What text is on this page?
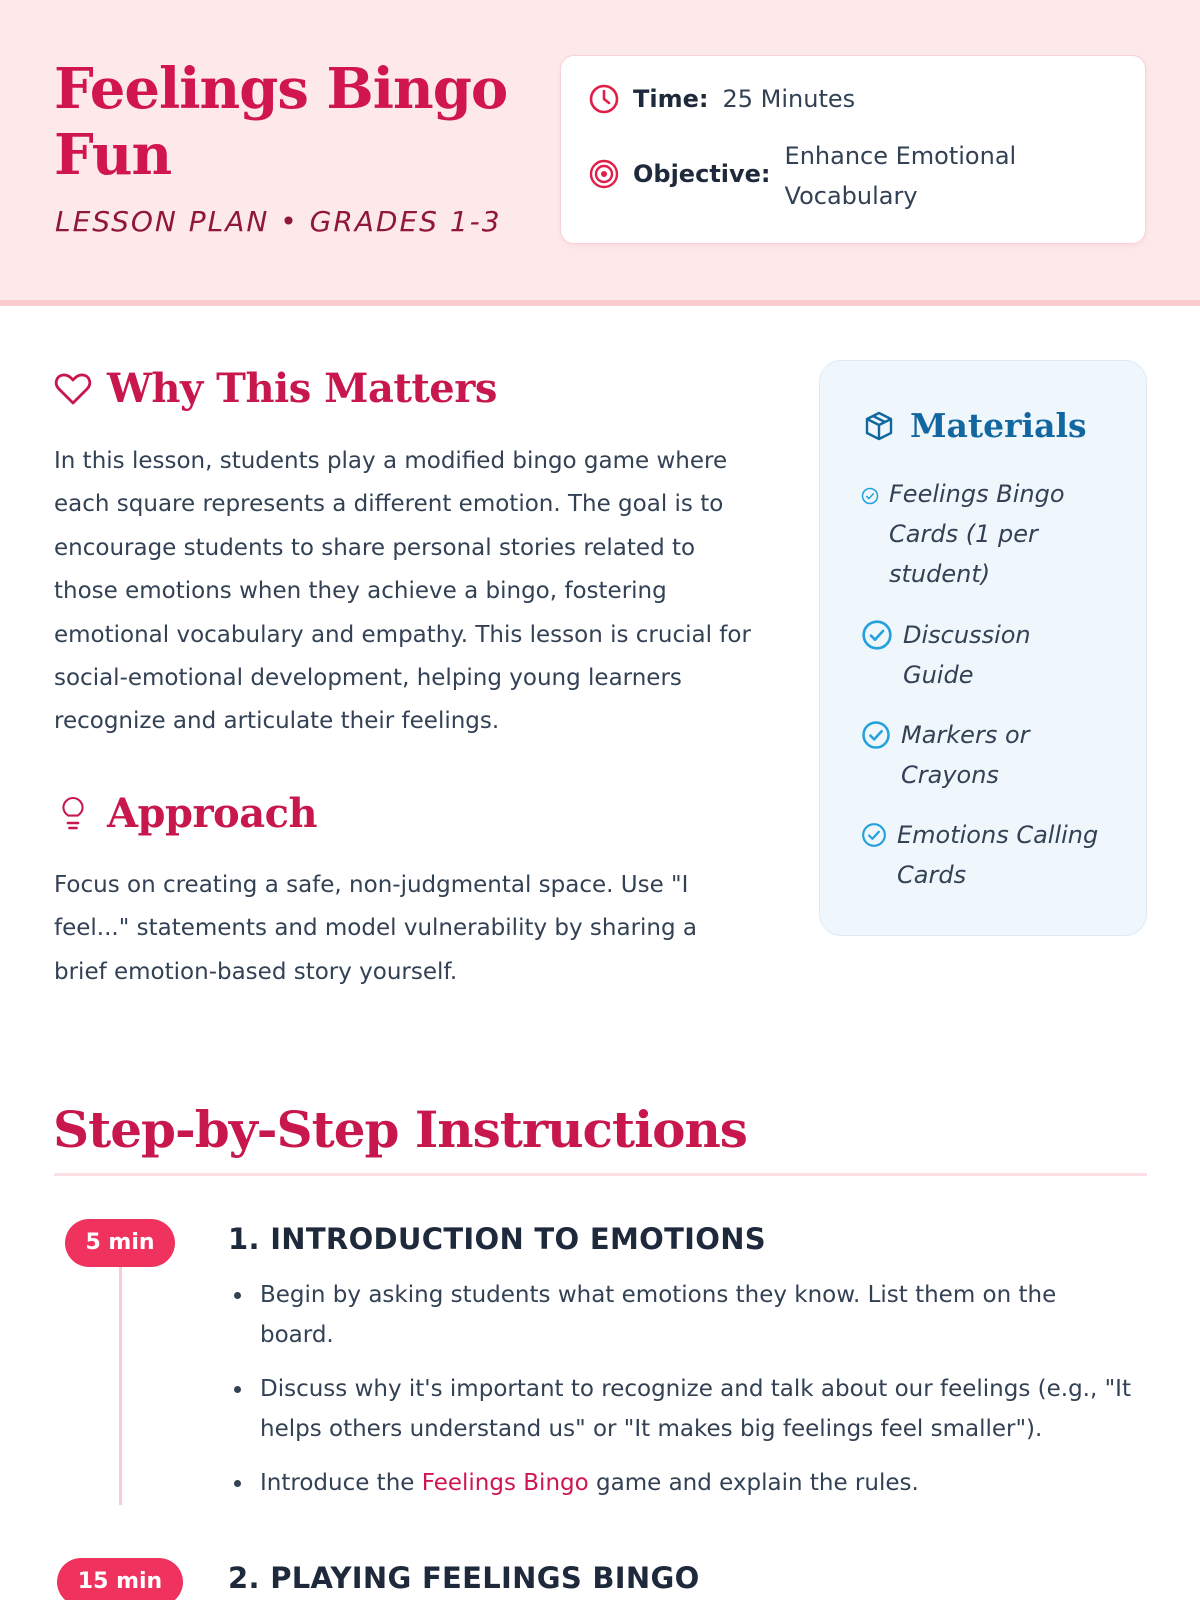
Feelings Bingo Fun
LESSON PLAN • GRADES 1-3
Time: 25 Minutes
Objective:
Enhance Emotional Vocabulary
Why This Matters

In this lesson, students play a modified bingo game where each square represents a different emotion. The goal is to encourage students to share personal stories related to those emotions when they achieve a bingo, fostering emotional vocabulary and empathy. This lesson is crucial for social-emotional development, helping young learners recognize and articulate their feelings.

Approach

Focus on creating a safe, non-judgmental space. Use "I feel..." statements and model vulnerability by sharing a brief emotion-based story yourself.

Materials
Feelings Bingo Cards (1 per student)
Discussion Guide
Markers or Crayons
Emotions Calling Cards
Step-by-Step Instructions
5 min	1. INTRODUCTION TO EMOTIONS
Begin by asking students what emotions they know. List them on the board.
Discuss why it's important to recognize and talk about our feelings (e.g., "It helps others understand us" or "It makes big feelings feel smaller").
Introduce the Feelings Bingo game and explain the rules.
15 min	2. PLAYING FEELINGS BINGO
